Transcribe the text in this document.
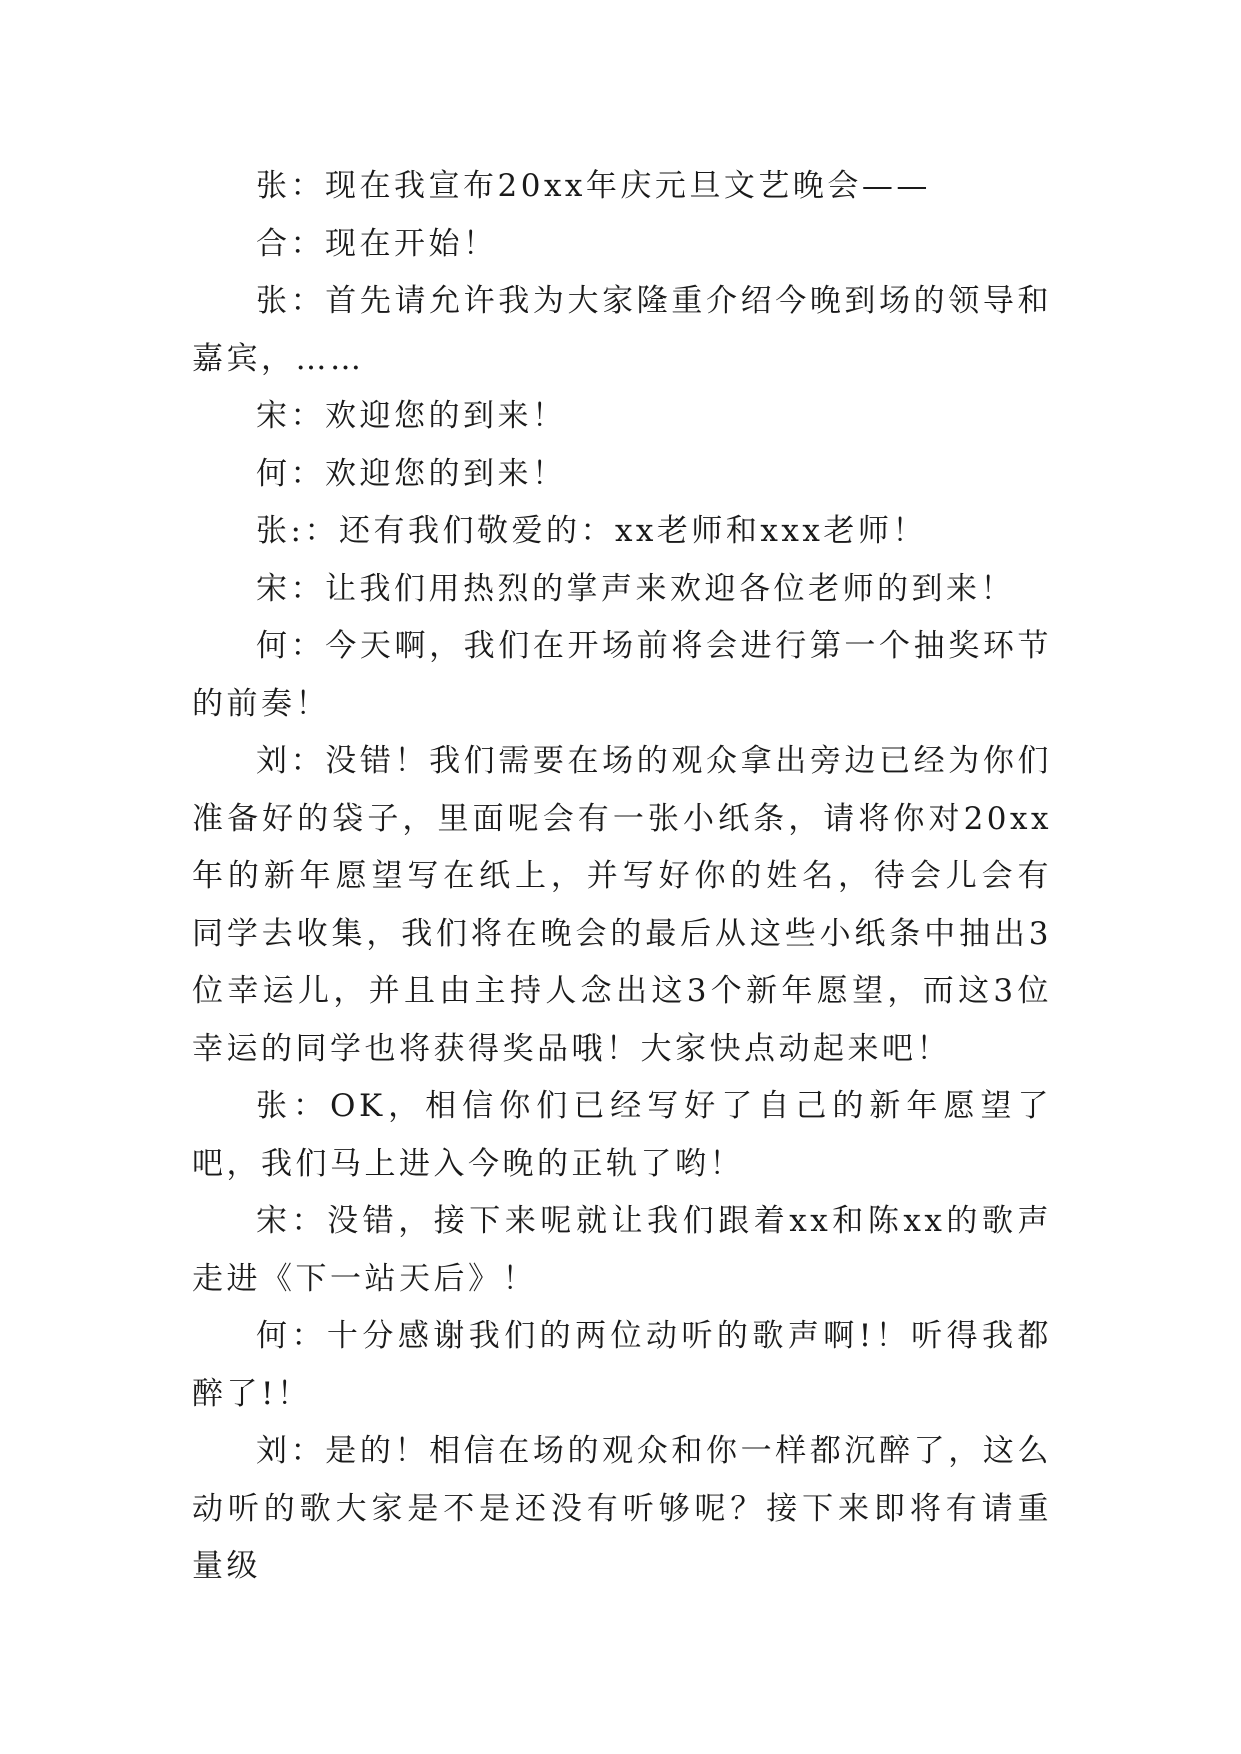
张：现在我宣布20xx年庆元旦文艺晚会——

合：现在开始！

张：首先请允许我为大家隆重介绍今晚到场的领导和嘉宾，……

宋：欢迎您的到来！

何：欢迎您的到来！

张:：还有我们敬爱的：xx老师和xxx老师！

宋：让我们用热烈的掌声来欢迎各位老师的到来！

何：今天啊，我们在开场前将会进行第一个抽奖环节的前奏！

刘：没错！我们需要在场的观众拿出旁边已经为你们准备好的袋子，里面呢会有一张小纸条，请将你对20xx年的新年愿望写在纸上，并写好你的姓名，待会儿会有同学去收集，我们将在晚会的最后从这些小纸条中抽出3位幸运儿，并且由主持人念出这3个新年愿望，而这3位幸运的同学也将获得奖品哦！大家快点动起来吧！

张：OK，相信你们已经写好了自己的新年愿望了吧，我们马上进入今晚的正轨了哟！

宋：没错，接下来呢就让我们跟着xx和陈xx的歌声走进《下一站天后》！

何：十分感谢我们的两位动听的歌声啊!！听得我都醉了!！

刘：是的！相信在场的观众和你一样都沉醉了，这么动听的歌大家是不是还没有听够呢？接下来即将有请重量级
